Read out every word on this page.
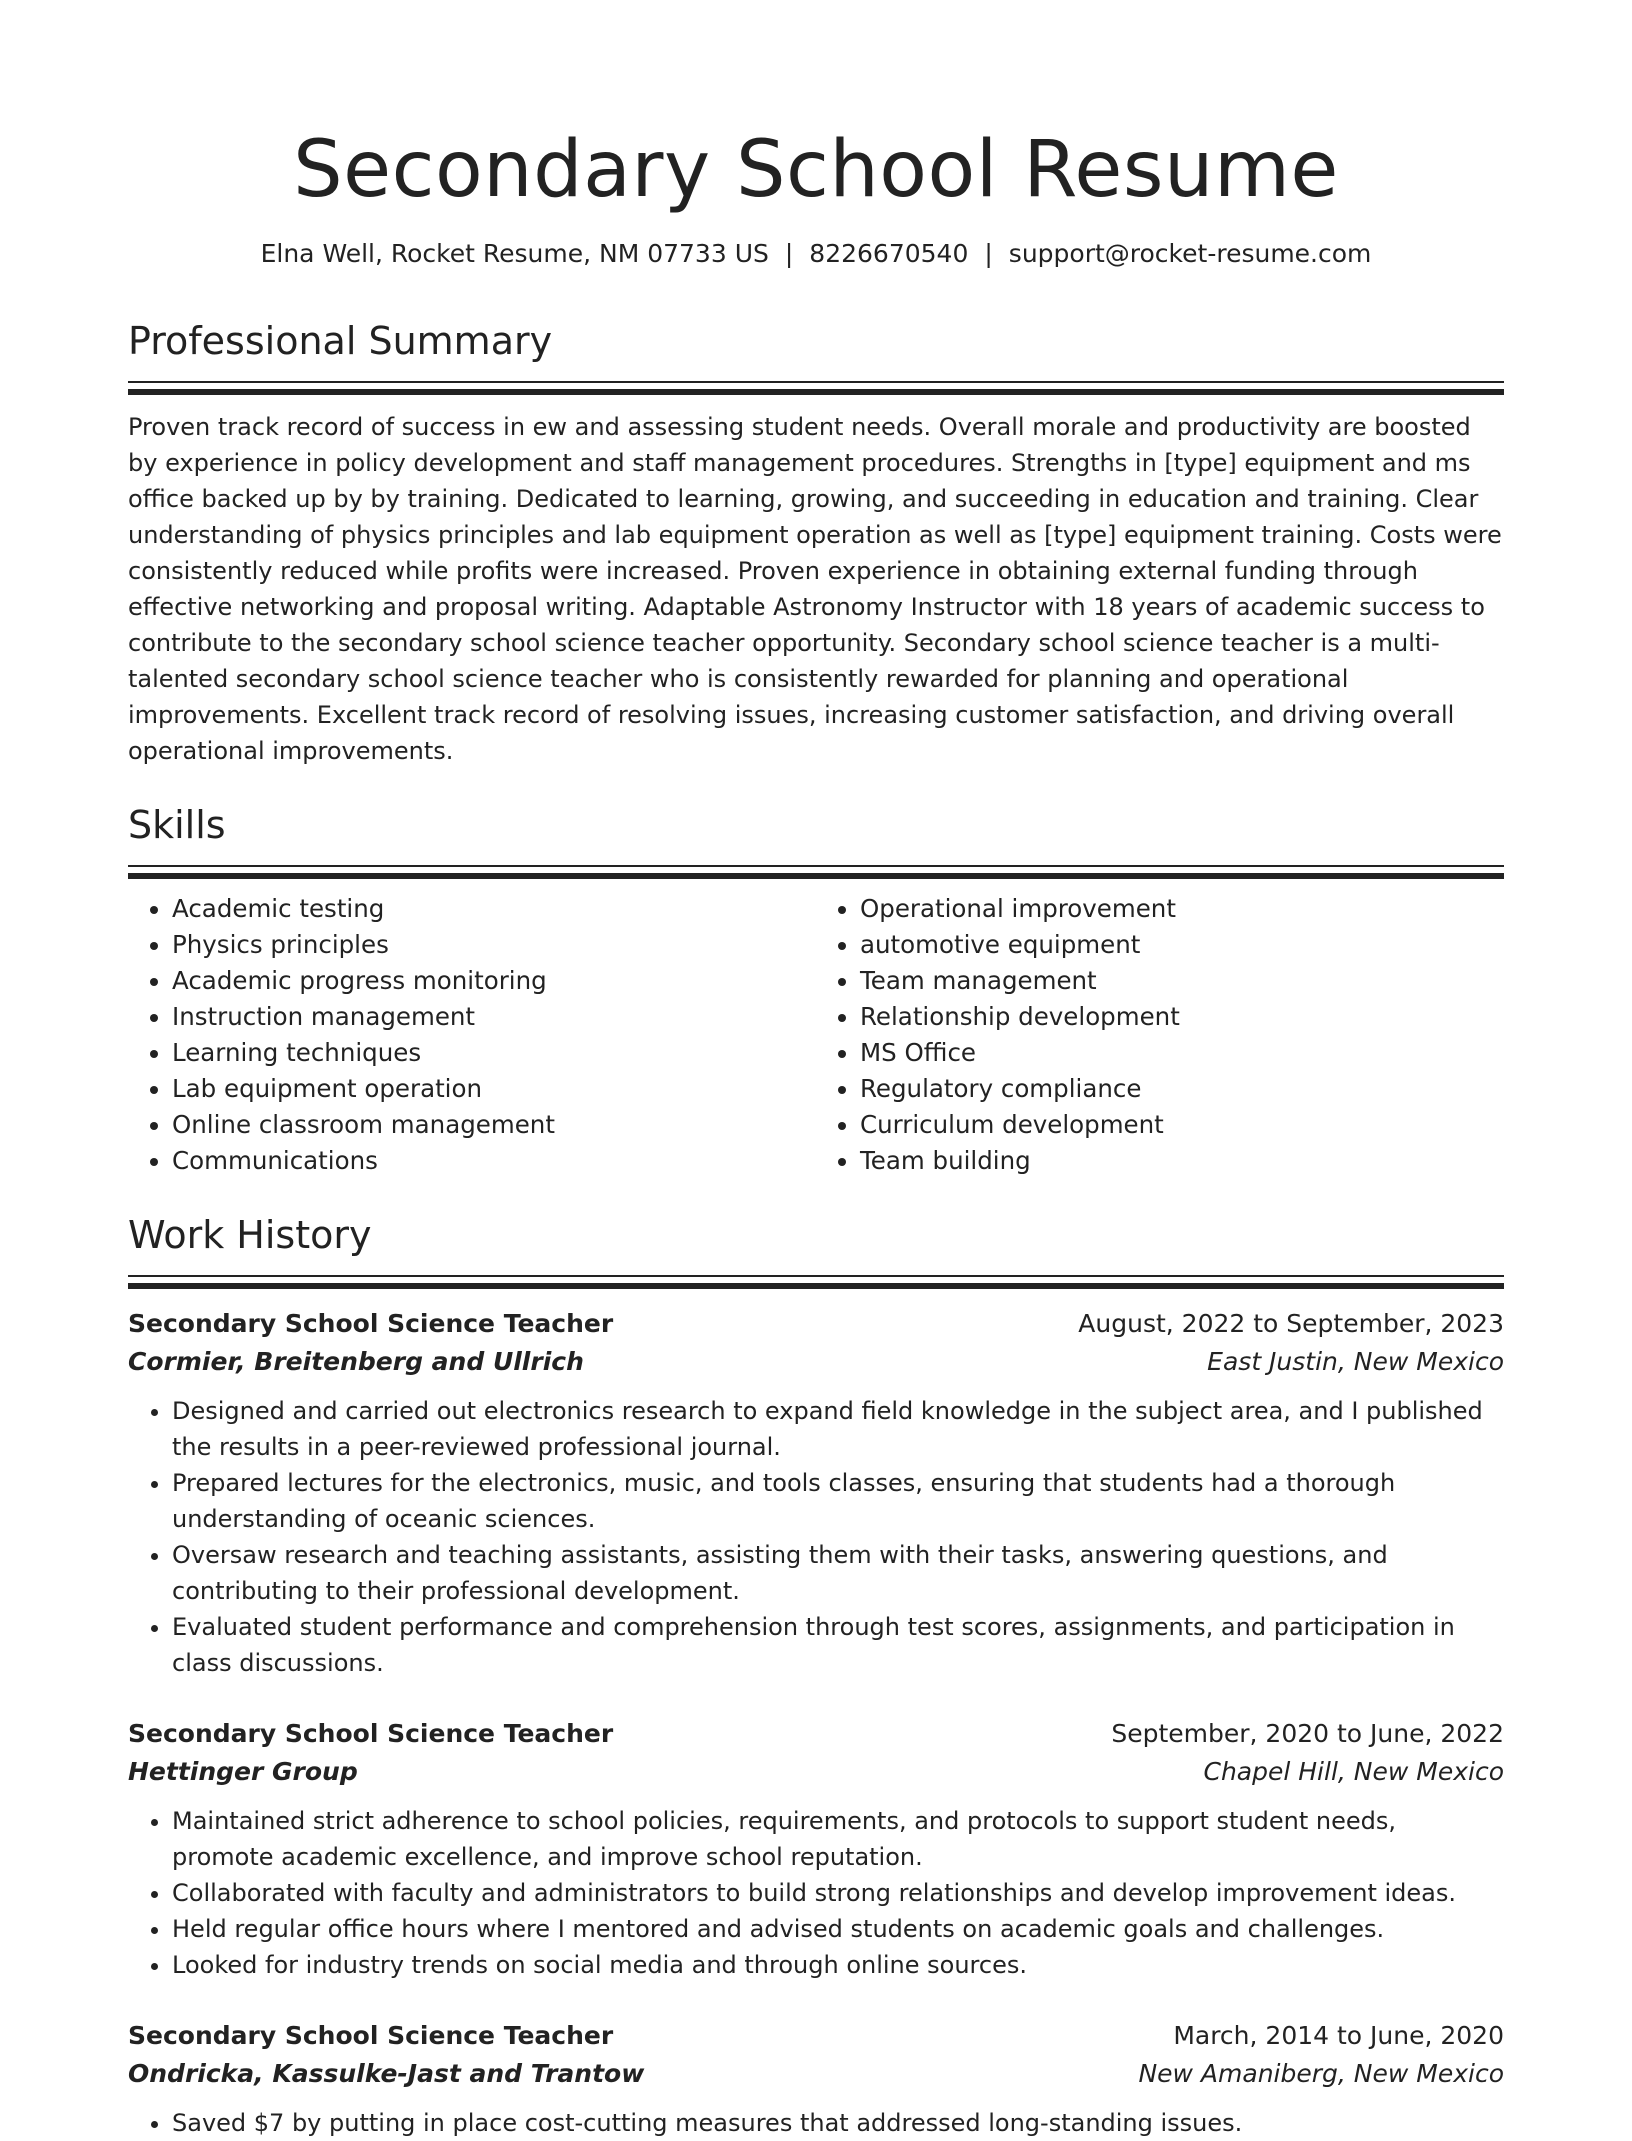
Secondary School Resume
Elna Well, Rocket Resume, NM 07733 US | 8226670540 | support@rocket-resume.com
Professional Summary

Proven track record of success in ew and assessing student needs. Overall morale and productivity are boosted by experience in policy development and staff management procedures. Strengths in [type] equipment and ms office backed up by by training. Dedicated to learning, growing, and succeeding in education and training. Clear understanding of physics principles and lab equipment operation as well as [type] equipment training. Costs were consistently reduced while profits were increased. Proven experience in obtaining external funding through effective networking and proposal writing. Adaptable Astronomy Instructor with 18 years of academic success to contribute to the secondary school science teacher opportunity. Secondary school science teacher is a multi-talented secondary school science teacher who is consistently rewarded for planning and operational improvements. Excellent track record of resolving issues, increasing customer satisfaction, and driving overall operational improvements.

Skills
• Academic testing
• Physics principles
• Academic progress monitoring
• Instruction management
• Learning techniques
• Lab equipment operation
• Online classroom management
• Communications
• Operational improvement
• automotive equipment
• Team management
• Relationship development
• MS Office
• Regulatory compliance
• Curriculum development
• Team building
Work History
Secondary School Science Teacher	August, 2022 to September, 2023
Cormier, Breitenberg and Ullrich	East Justin, New Mexico
• Designed and carried out electronics research to expand field knowledge in the subject area, and I published the results in a peer-reviewed professional journal.
• Prepared lectures for the electronics, music, and tools classes, ensuring that students had a thorough understanding of oceanic sciences.
• Oversaw research and teaching assistants, assisting them with their tasks, answering questions, and contributing to their professional development.
• Evaluated student performance and comprehension through test scores, assignments, and participation in class discussions.
Secondary School Science Teacher	September, 2020 to June, 2022
Hettinger Group	Chapel Hill, New Mexico
• Maintained strict adherence to school policies, requirements, and protocols to support student needs, promote academic excellence, and improve school reputation.
• Collaborated with faculty and administrators to build strong relationships and develop improvement ideas.
• Held regular office hours where I mentored and advised students on academic goals and challenges.
• Looked for industry trends on social media and through online sources.
Secondary School Science Teacher	March, 2014 to June, 2020
Ondricka, Kassulke-Jast and Trantow	New Amaniberg, New Mexico
• Saved $7 by putting in place cost-cutting measures that addressed long-standing issues.
